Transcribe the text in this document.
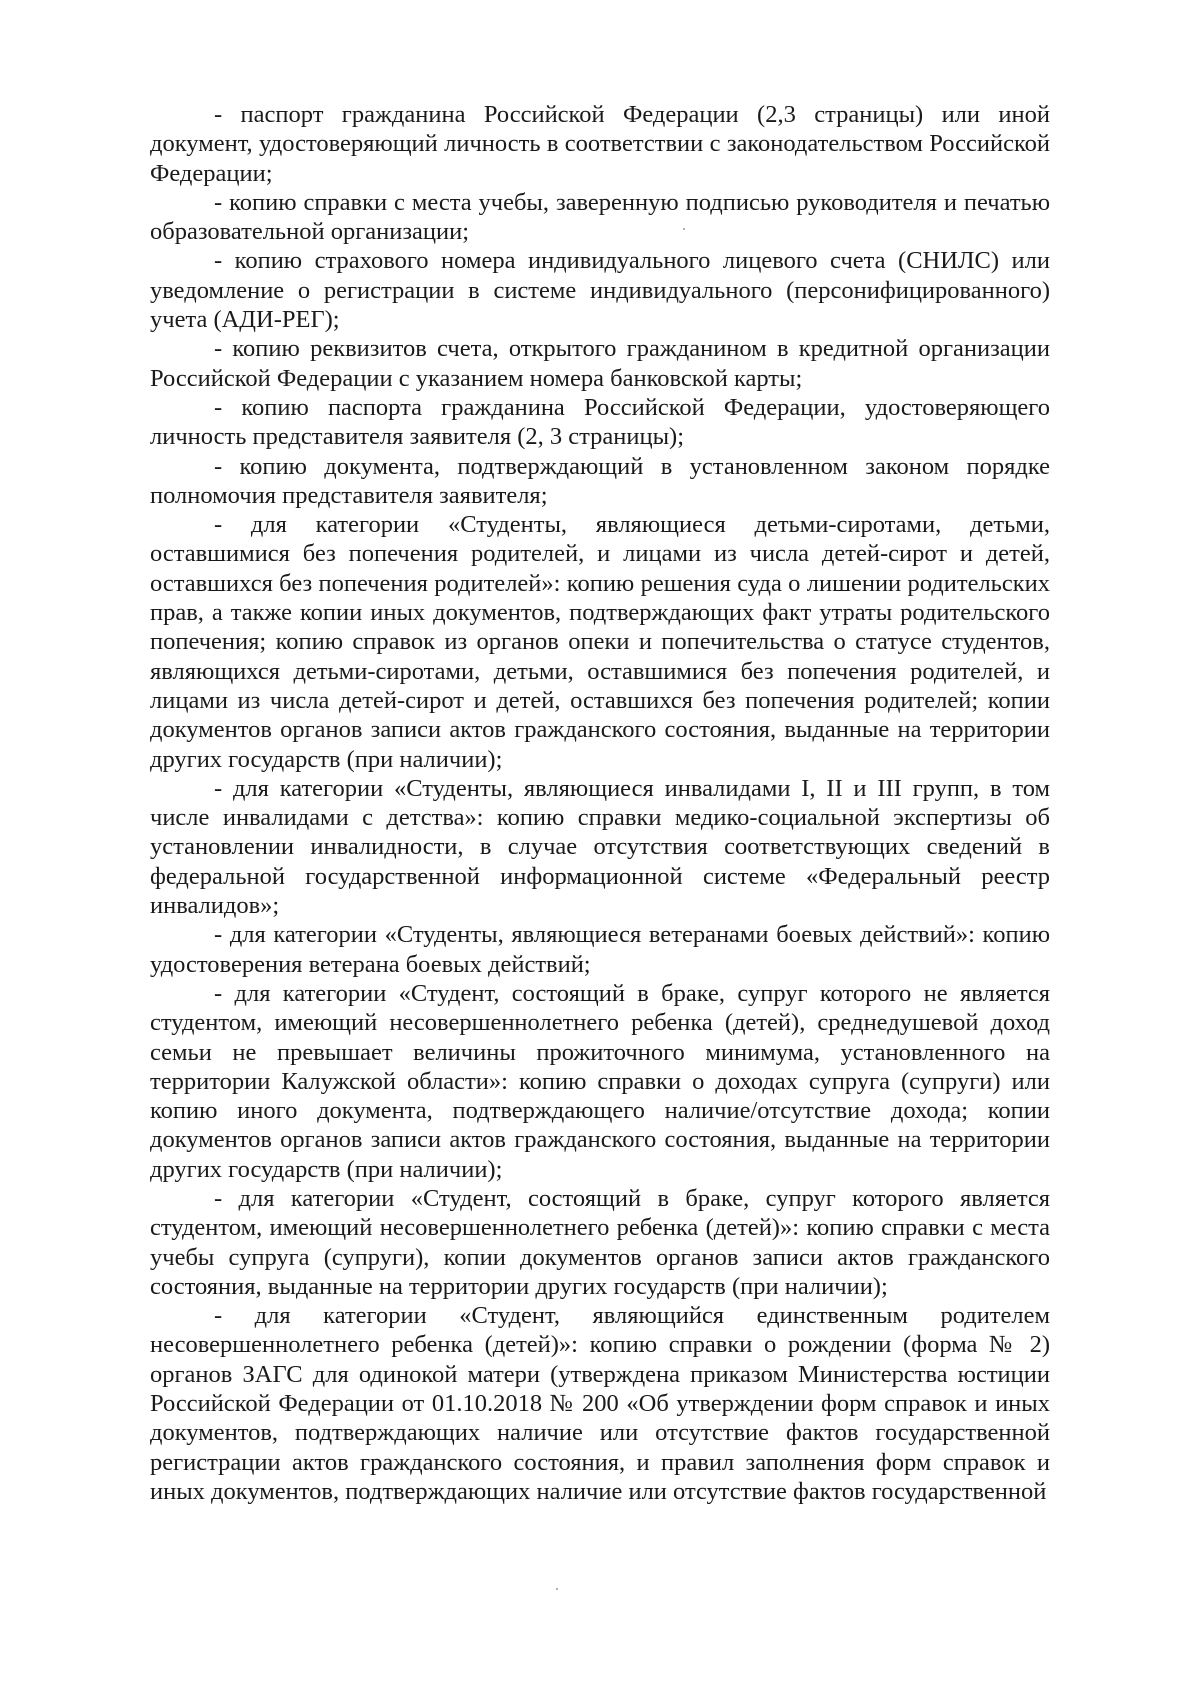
- паспорт гражданина Российской Федерации (2,3 страницы) или иной документ, удостоверяющий личность в соответствии с законодательством Российской Федерации;

- копию справки с места учебы, заверенную подписью руководителя и печатью образовательной организации;

- копию страхового номера индивидуального лицевого счета (СНИЛС) или уведомление о регистрации в системе индивидуального (персонифицированного) учета (АДИ-РЕГ);

- копию реквизитов счета, открытого гражданином в кредитной организации Российской Федерации с указанием номера банковской карты;

- копию паспорта гражданина Российской Федерации, удостоверяющего личность представителя заявителя (2, 3 страницы);

- копию документа, подтверждающий в установленном законом порядке полномочия представителя заявителя;

- для категории «Студенты, являющиеся детьми-сиротами, детьми, оставшимися без попечения родителей, и лицами из числа детей-сирот и детей, оставшихся без попечения родителей»: копию решения суда о лишении родительских прав, а также копии иных документов, подтверждающих факт утраты родительского попечения; копию справок из органов опеки и попечительства о статусе студентов, являющихся детьми-сиротами, детьми, оставшимися без попечения родителей, и лицами из числа детей-сирот и детей, оставшихся без попечения родителей; копии документов органов записи актов гражданского состояния, выданные на территории других государств (при наличии);

- для категории «Студенты, являющиеся инвалидами I, II и III групп, в том числе инвалидами с детства»: копию справки медико-социальной экспертизы об установлении инвалидности, в случае отсутствия соответствующих сведений в федеральной государственной информационной системе «Федеральный реестр инвалидов»;

- для категории «Студенты, являющиеся ветеранами боевых действий»: копию удостоверения ветерана боевых действий;

- для категории «Студент, состоящий в браке, супруг которого не является студентом, имеющий несовершеннолетнего ребенка (детей), среднедушевой доход семьи не превышает величины прожиточного минимума, установленного на территории Калужской области»: копию справки о доходах супруга (супруги) или копию иного документа, подтверждающего наличие/отсутствие дохода; копии документов органов записи актов гражданского состояния, выданные на территории других государств (при наличии);

- для категории «Студент, состоящий в браке, супруг которого является студентом, имеющий несовершеннолетнего ребенка (детей)»: копию справки с места учебы супруга (супруги), копии документов органов записи актов гражданского состояния, выданные на территории других государств (при наличии);

- для категории «Студент, являющийся единственным родителем несовершеннолетнего ребенка (детей)»: копию справки о рождении (форма № 2) органов ЗАГС для одинокой матери (утверждена приказом Министерства юстиции Российской Федерации от 01.10.2018 № 200 «Об утверждении форм справок и иных документов, подтверждающих наличие или отсутствие фактов государственной регистрации актов гражданского состояния, и правил заполнения форм справок и иных документов, подтверждающих наличие или отсутствие фактов государственной
